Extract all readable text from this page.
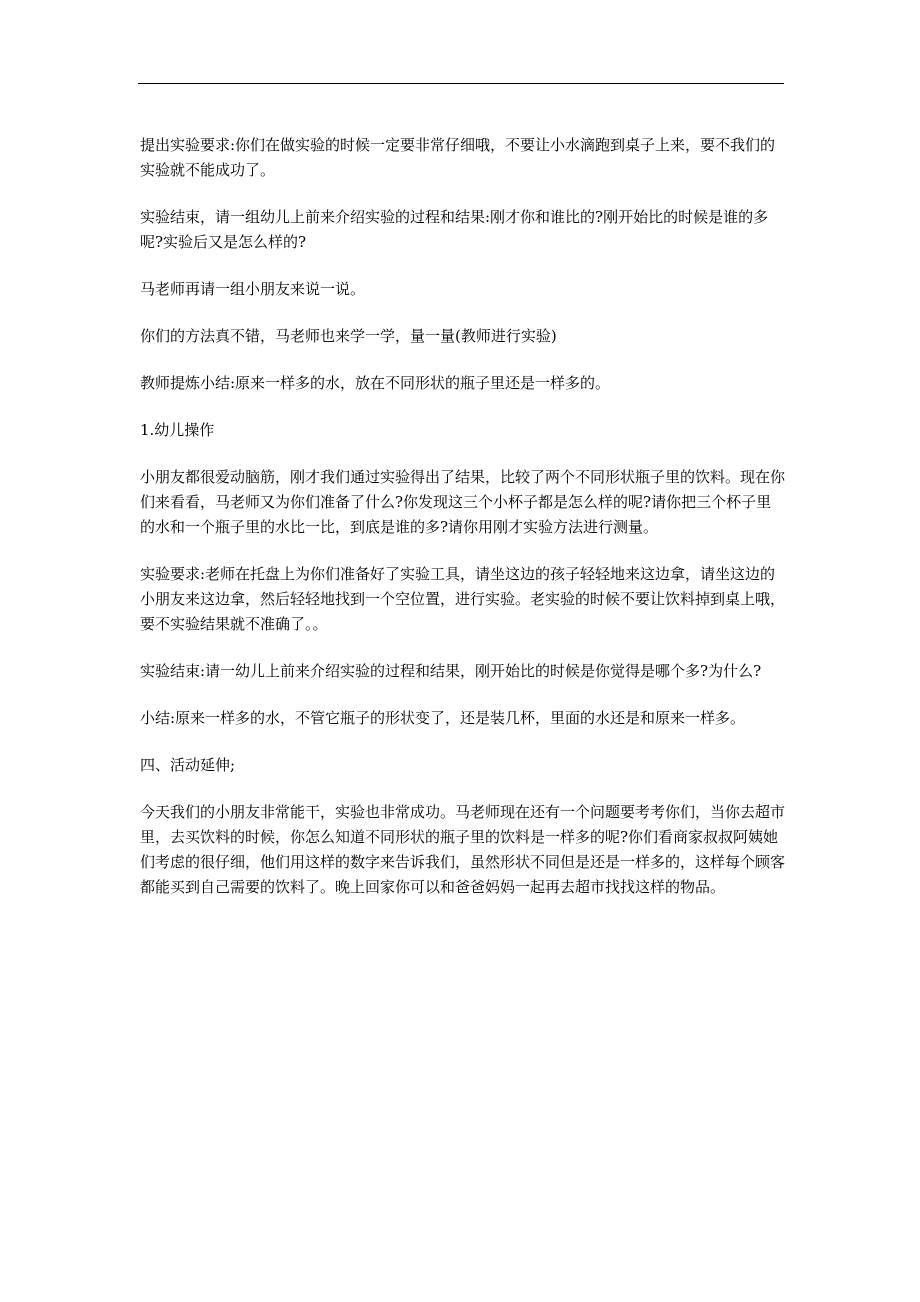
提出实验要求:你们在做实验的时候一定要非常仔细哦，不要让小水滴跑到桌子上来，要不我们的实验就不能成功了。

实验结束，请一组幼儿上前来介绍实验的过程和结果:刚才你和谁比的?刚开始比的时候是谁的多呢?实验后又是怎么样的?

马老师再请一组小朋友来说一说。

你们的方法真不错，马老师也来学一学，量一量(教师进行实验)

教师提炼小结:原来一样多的水，放在不同形状的瓶子里还是一样多的。

1.幼儿操作

小朋友都很爱动脑筋，刚才我们通过实验得出了结果，比较了两个不同形状瓶子里的饮料。现在你们来看看，马老师又为你们准备了什么?你发现这三个小杯子都是怎么样的呢?请你把三个杯子里的水和一个瓶子里的水比一比，到底是谁的多?请你用刚才实验方法进行测量。

实验要求:老师在托盘上为你们准备好了实验工具，请坐这边的孩子轻轻地来这边拿，请坐这边的小朋友来这边拿，然后轻轻地找到一个空位置，进行实验。老实验的时候不要让饮料掉到桌上哦，要不实验结果就不准确了。。

实验结束:请一幼儿上前来介绍实验的过程和结果，刚开始比的时候是你觉得是哪个多?为什么?

小结:原来一样多的水，不管它瓶子的形状变了，还是装几杯，里面的水还是和原来一样多。

四、活动延伸;

今天我们的小朋友非常能干，实验也非常成功。马老师现在还有一个问题要考考你们，当你去超市里，去买饮料的时候，你怎么知道不同形状的瓶子里的饮料是一样多的呢?你们看商家叔叔阿姨她们考虑的很仔细，他们用这样的数字来告诉我们，虽然形状不同但是还是一样多的，这样每个顾客都能买到自己需要的饮料了。晚上回家你可以和爸爸妈妈一起再去超市找找这样的物品。
